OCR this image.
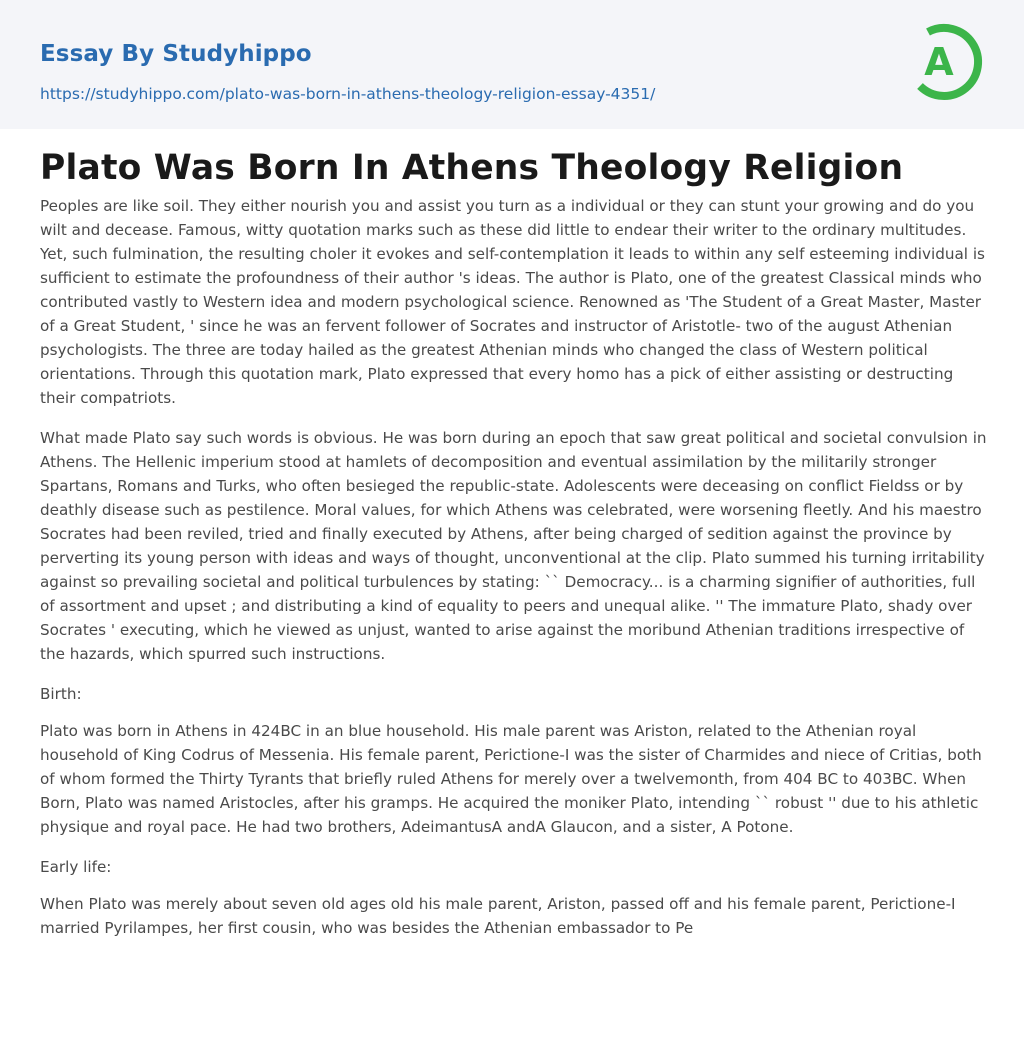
Essay By Studyhippo
https://studyhippo.com/plato-was-born-in-athens-theology-religion-essay-4351/
A
Plato Was Born In Athens Theology Religion

Peoples are like soil. They either nourish you and assist you turn as a individual or they can stunt your growing and do you wilt and decease. Famous, witty quotation marks such as these did little to endear their writer to the ordinary multitudes. Yet, such fulmination, the resulting choler it evokes and self-contemplation it leads to within any self esteeming individual is sufficient to estimate the profoundness of their author 's ideas. The author is Plato, one of the greatest Classical minds who contributed vastly to Western idea and modern psychological science. Renowned as 'The Student of a Great Master, Master of a Great Student, ' since he was an fervent follower of Socrates and instructor of Aristotle- two of the august Athenian psychologists. The three are today hailed as the greatest Athenian minds who changed the class of Western political orientations. Through this quotation mark, Plato expressed that every homo has a pick of either assisting or destructing their compatriots.

What made Plato say such words is obvious. He was born during an epoch that saw great political and societal convulsion in Athens. The Hellenic imperium stood at hamlets of decomposition and eventual assimilation by the militarily stronger Spartans, Romans and Turks, who often besieged the republic-state. Adolescents were deceasing on conflict Fieldss or by deathly disease such as pestilence. Moral values, for which Athens was celebrated, were worsening fleetly. And his maestro Socrates had been reviled, tried and finally executed by Athens, after being charged of sedition against the province by perverting its young person with ideas and ways of thought, unconventional at the clip. Plato summed his turning irritability against so prevailing societal and political turbulences by stating: `` Democracy... is a charming signifier of authorities, full of assortment and upset ; and distributing a kind of equality to peers and unequal alike. '' The immature Plato, shady over Socrates ' executing, which he viewed as unjust, wanted to arise against the moribund Athenian traditions irrespective of the hazards, which spurred such instructions.

Birth:

Plato was born in Athens in 424BC in an blue household. His male parent was Ariston, related to the Athenian royal household of King Codrus of Messenia. His female parent, Perictione-I was the sister of Charmides and niece of Critias, both of whom formed the Thirty Tyrants that briefly ruled Athens for merely over a twelvemonth, from 404 BC to 403BC. When Born, Plato was named Aristocles, after his gramps. He acquired the moniker Plato, intending `` robust '' due to his athletic physique and royal pace. He had two brothers, AdeimantusA andA Glaucon, and a sister, A Potone.

Early life:

When Plato was merely about seven old ages old his male parent, Ariston, passed off and his female parent, Perictione-I married Pyrilampes, her first cousin, who was besides the Athenian embassador to Pe
